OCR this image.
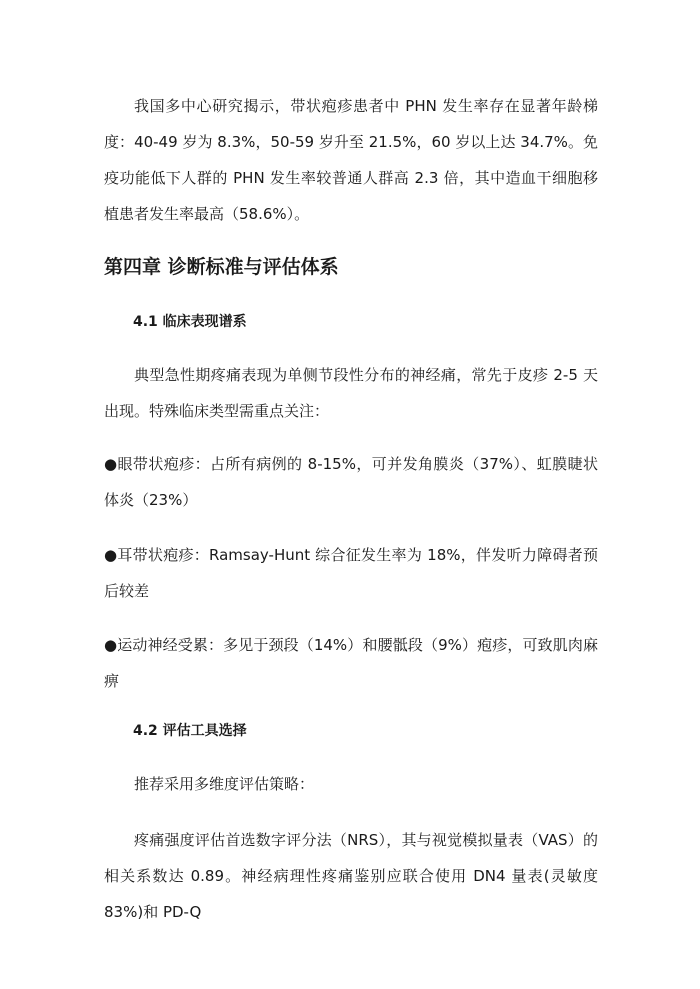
我国多中心研究揭示，带状疱疹患者中 PHN 发生率存在显著年龄梯度：40-49 岁为 8.3%，50-59 岁升至 21.5%，60 岁以上达 34.7%。免疫功能低下人群的 PHN 发生率较普通人群高 2.3 倍，其中造血干细胞移植患者发生率最高（58.6%）。

第四章 诊断标准与评估体系
4.1 临床表现谱系

典型急性期疼痛表现为单侧节段性分布的神经痛，常先于皮疹 2-5 天出现。特殊临床类型需重点关注：

●眼带状疱疹：占所有病例的 8-15%，可并发角膜炎（37%）、虹膜睫状体炎（23%）

●耳带状疱疹：Ramsay-Hunt 综合征发生率为 18%，伴发听力障碍者预后较差

●运动神经受累：多见于颈段（14%）和腰骶段（9%）疱疹，可致肌肉麻痹

4.2 评估工具选择

推荐采用多维度评估策略：

疼痛强度评估首选数字评分法（NRS），其与视觉模拟量表（VAS）的相关系数达 0.89。神经病理性疼痛鉴别应联合使用 DN4 量表(灵敏度 83%)和 PD-Q
